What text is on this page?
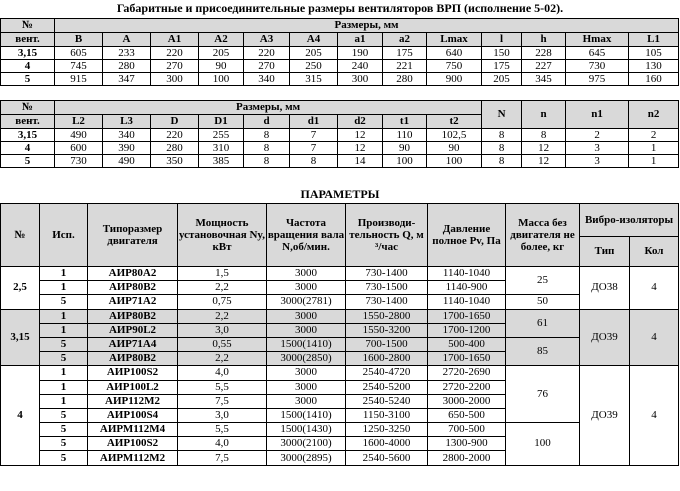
Габаритные и присоединительные размеры вентиляторов ВРП (исполнение 5-02).
№	Размеры, мм												
вент.	B	A	A1	A2	A3	A4	a1	a2	Lmax	l	h	Hmax	L1
3,15	605	233	220	205	220	205	190	175	640	150	228	645	105
4	745	280	270	90	270	250	240	221	750	175	227	730	130
5	915	347	300	100	340	315	300	280	900	205	345	975	160
№	Размеры, мм									N	n	n1	n2
вент.	L2	L3	D	D1	d	d1	d2	t1	t2				
3,15	490	340	220	255	8	7	12	110	102,5	8	8	2	2
4	600	390	280	310	8	7	12	90	90	8	12	3	1
5	730	490	350	385	8	8	14	100	100	8	12	3	1
ПАРАМЕТРЫ
№	Исп.	Типоразмер двигателя	Мощность установочная Ny, кВт	Частота вращения вала N,об/мин.	Производи-тельность Q, м ³/час	Давление полное Pv, Па	Масса без двигателя не более, кг	Вибро-изоляторы	
								Тип	Кол
2,5	1	АИР80А2	1,5	3000	730-1400	1140-1040	25	ДО38	4
	1	АИР80В2	2,2	3000	730-1500	1140-900			
	5	АИР71А2	0,75	3000(2781)	730-1400	1140-1040	50		
3,15	1	АИР80В2	2,2	3000	1550-2800	1700-1650	61	ДО39	4
	1	АИР90L2	3,0	3000	1550-3200	1700-1200			
	5	АИР71А4	0,55	1500(1410)	700-1500	500-400	85		
	5	АИР80В2	2,2	3000(2850)	1600-2800	1700-1650			
4	1	АИР100S2	4,0	3000	2540-4720	2720-2690	76	ДО39	4
	1	АИР100L2	5,5	3000	2540-5200	2720-2200			
	1	АИР112М2	7,5	3000	2540-5240	3000-2000			
	5	АИР100S4	3,0	1500(1410)	1150-3100	650-500			
	5	АИРМ112М4	5,5	1500(1430)	1250-3250	700-500	100		
	5	АИР100S2	4,0	3000(2100)	1600-4000	1300-900			
	5	АИРМ112М2	7,5	3000(2895)	2540-5600	2800-2000			
